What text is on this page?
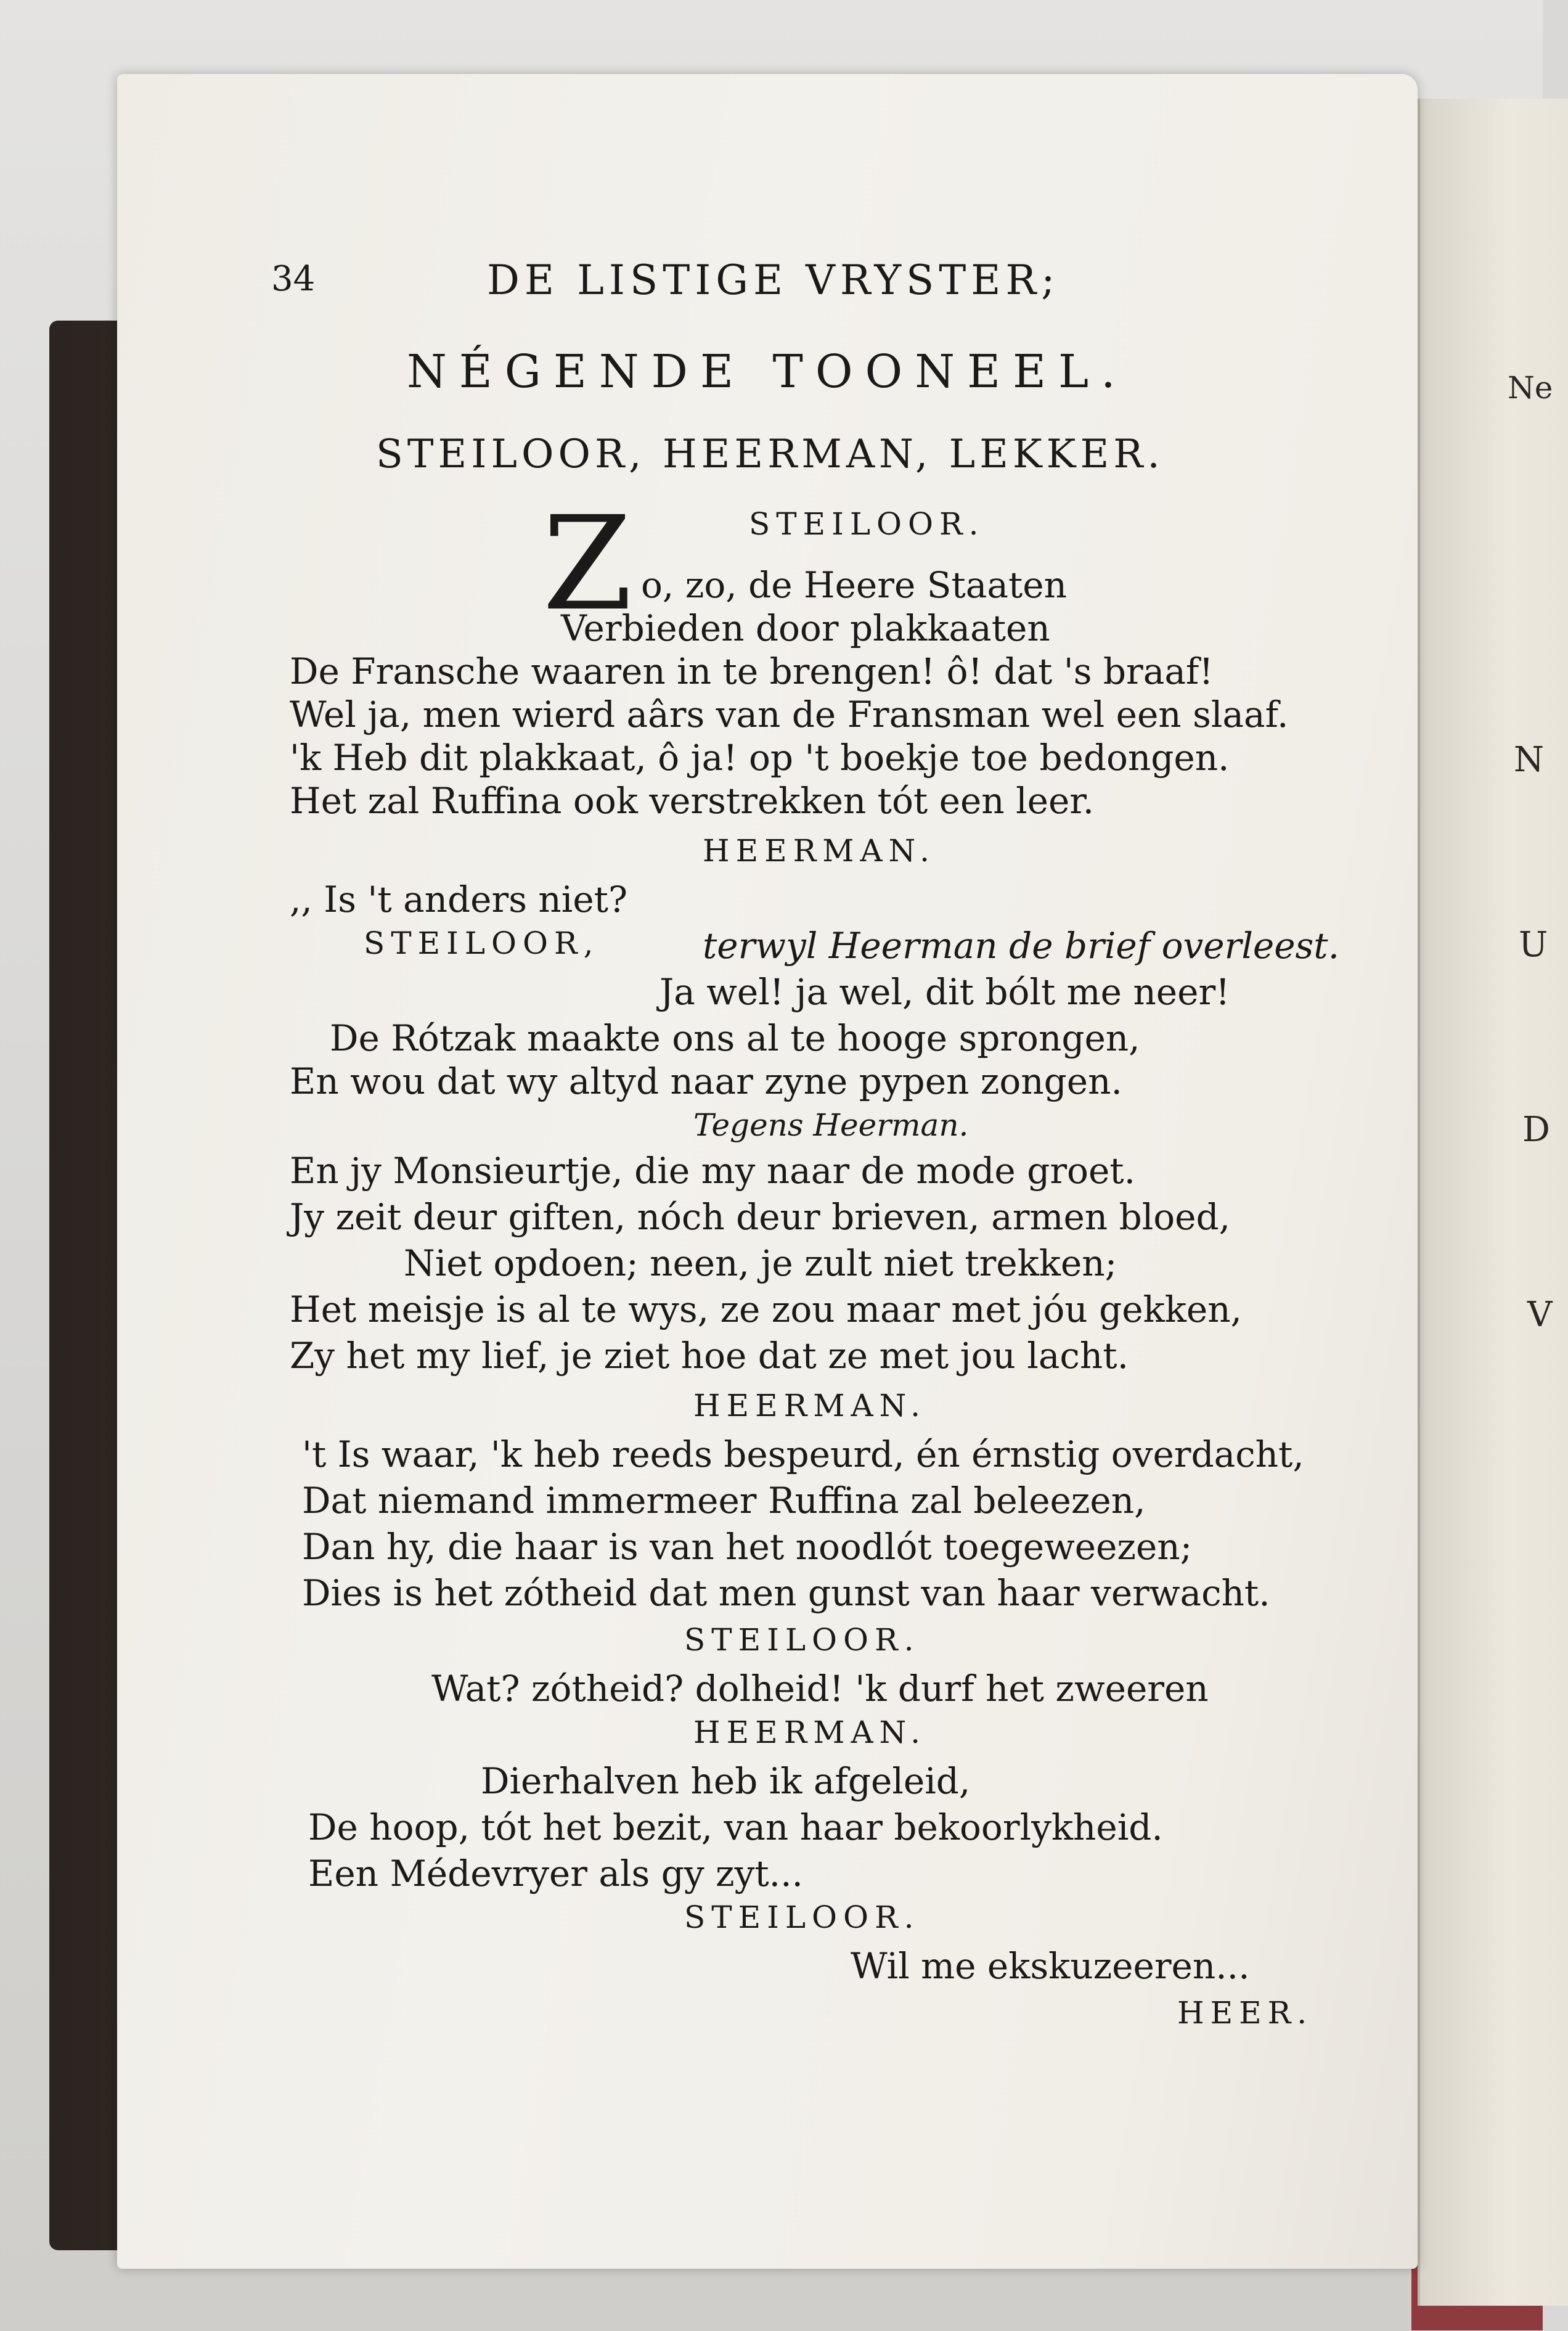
Ne
N
U
D
V
34	DE LISTIGE VRYSTER;
NÉGENDE TOONEEL.
STEILOOR, HEERMAN, LEKKER.
Z	STEILOOR.
o, zo, de Heere Staaten
Verbieden door plakkaaten
De Fransche waaren in te brengen! ô! dat 's braaf!
Wel ja, men wierd aârs van de Fransman wel een slaaf.
'k Heb dit plakkaat, ô ja! op 't boekje toe bedongen.
Het zal Ruffina ook verstrekken tót een leer.
HEERMAN.
,, Is 't anders niet?
STEILOOR,	terwyl Heerman de brief overleest.
Ja wel! ja wel, dit bólt me neer!
De Rótzak maakte ons al te hooge sprongen,
En wou dat wy altyd naar zyne pypen zongen.
Tegens Heerman.
En jy Monsieurtje, die my naar de mode groet.
Jy zeit deur giften, nóch deur brieven, armen bloed,
Niet opdoen; neen, je zult niet trekken;
Het meisje is al te wys, ze zou maar met jóu gekken,
Zy het my lief, je ziet hoe dat ze met jou lacht.
HEERMAN.
't Is waar, 'k heb reeds bespeurd, én érnstig overdacht,
Dat niemand immermeer Ruffina zal beleezen,
Dan hy, die haar is van het noodlót toegeweezen;
Dies is het zótheid dat men gunst van haar verwacht.
STEILOOR.
Wat? zótheid? dolheid! 'k durf het zweeren
HEERMAN.
Dierhalven heb ik afgeleid,
De hoop, tót het bezit, van haar bekoorlykheid.
Een Médevryer als gy zyt...
STEILOOR.
Wil me ekskuzeeren...
HEER.
